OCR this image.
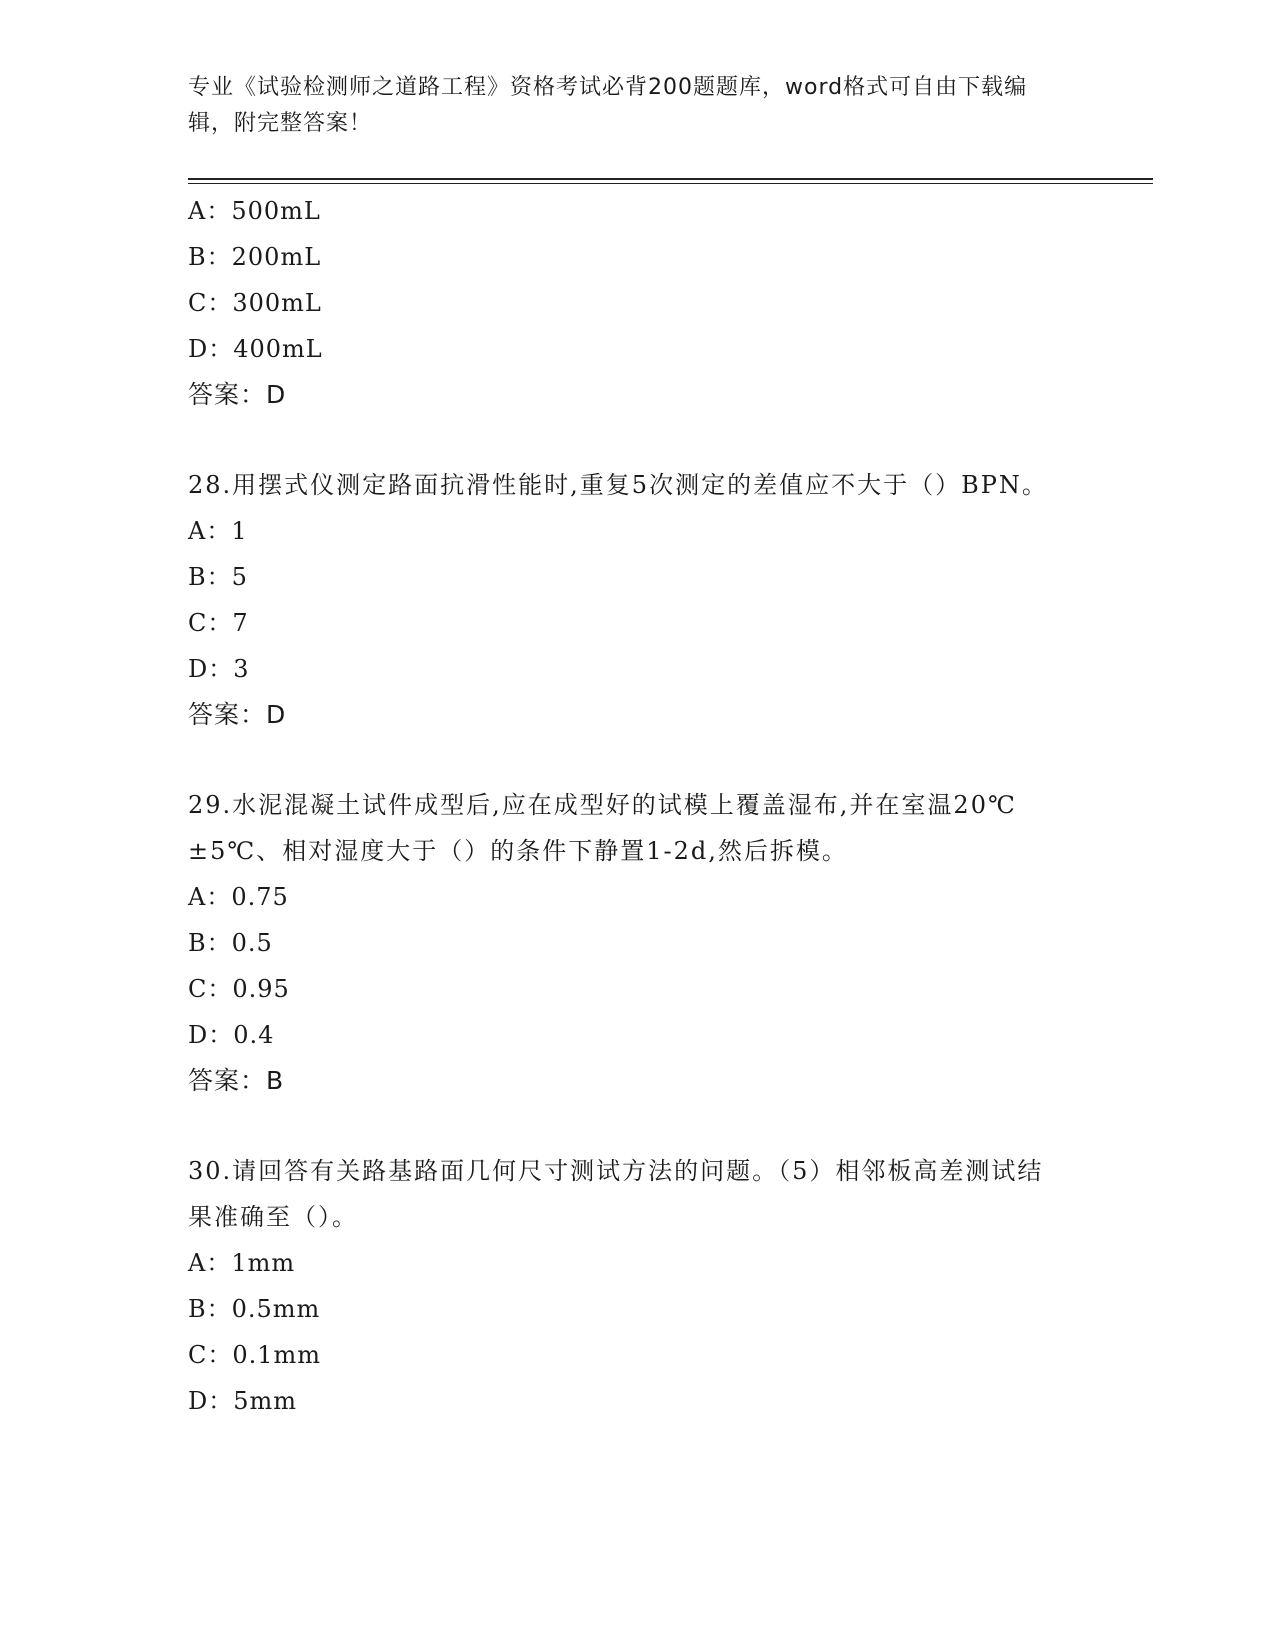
专业《试验检测师之道路工程》资格考试必背200题题库，word格式可自由下载编辑，附完整答案！
A：500mL
B：200mL
C：300mL
D：400mL
答案：D
28.用摆式仪测定路面抗滑性能时,重复5次测定的差值应不大于（）BPN。
A：1
B：5
C：7
D：3
答案：D
29.水泥混凝土试件成型后,应在成型好的试模上覆盖湿布,并在室温20℃±5℃、相对湿度大于（）的条件下静置1-2d,然后拆模。
A：0.75
B：0.5
C：0.95
D：0.4
答案：B
30.请回答有关路基路面几何尺寸测试方法的问题。（5）相邻板高差测试结果准确至（）。
A：1mm
B：0.5mm
C：0.1mm
D：5mm
